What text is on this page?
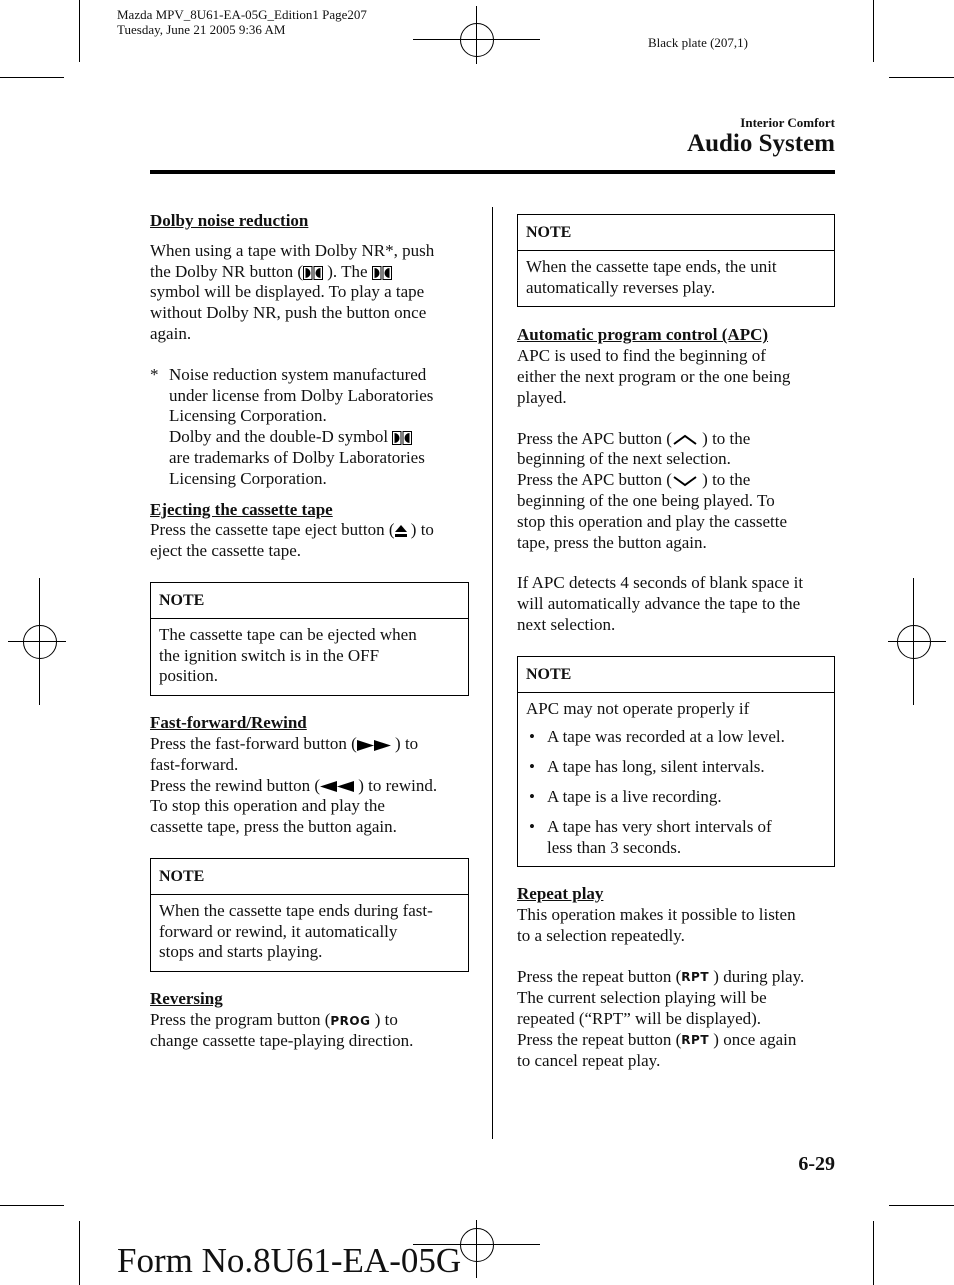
Mazda MPV_8U61-EA-05G_Edition1 Page207
Tuesday, June 21 2005 9:36 AM
Black plate (207,1)
Interior Comfort
Audio System

Dolby noise reduction

When using a tape with Dolby NR*, push
the Dolby NR button ( ). The
symbol will be displayed. To play a tape
without Dolby NR, push the button once
again.

* Noise reduction system manufactured
under license from Dolby Laboratories
Licensing Corporation.
Dolby and the double-D symbol
are trademarks of Dolby Laboratories
Licensing Corporation.

Ejecting the cassette tape

Press the cassette tape eject button ( ) to
eject the cassette tape.

NOTE
The cassette tape can be ejected when
the ignition switch is in the OFF
position.

Fast-forward/Rewind

Press the fast-forward button ( ) to
fast-forward.
Press the rewind button ( ) to rewind.
To stop this operation and play the
cassette tape, press the button again.

NOTE
When the cassette tape ends during fast-
forward or rewind, it automatically
stops and starts playing.

Reversing

Press the program button (PROG ) to
change cassette tape-playing direction.

NOTE
When the cassette tape ends, the unit
automatically reverses play.

Automatic program control (APC)

APC is used to find the beginning of
either the next program or the one being
played.

Press the APC button ( ) to the
beginning of the next selection.
Press the APC button ( ) to the
beginning of the one being played. To
stop this operation and play the cassette
tape, press the button again.

If APC detects 4 seconds of blank space it
will automatically advance the tape to the
next selection.

NOTE
APC may not operate properly if
• A tape was recorded at a low level.
• A tape has long, silent intervals.
• A tape is a live recording.
• A tape has very short intervals of
less than 3 seconds.

Repeat play

This operation makes it possible to listen
to a selection repeatedly.

Press the repeat button (RPT ) during play.
The current selection playing will be
repeated (“RPT” will be displayed).
Press the repeat button (RPT ) once again
to cancel repeat play.

6-29
Form No.8U61-EA-05G
